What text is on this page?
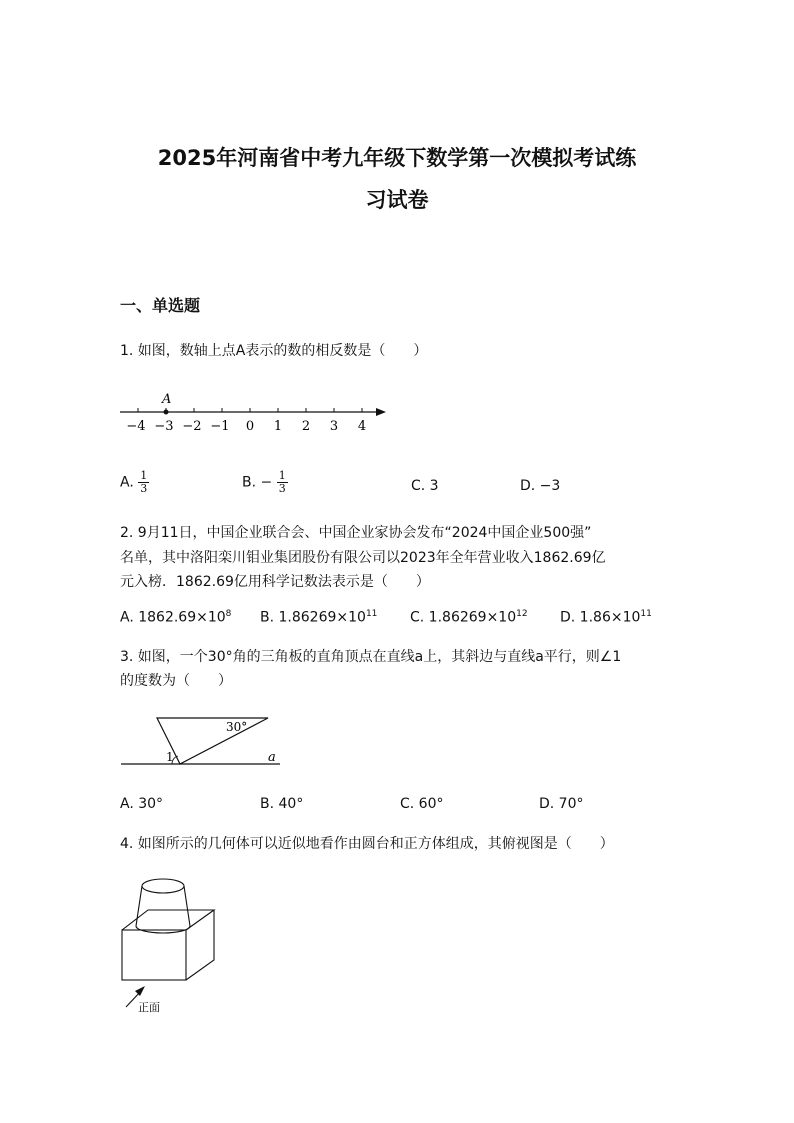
2025年河南省中考九年级下数学第一次模拟考试练
习试卷
一、单选题
1. 如图，数轴上点A表示的数的相反数是（　　）
A
−4 −3 −2 −1 0 1 2 3 4
A. $\frac{1}{3}$	B. − $\frac{1}{3}$	C. 3	D. −3
2. 9月11日，中国企业联合会、中国企业家协会发布“2024中国企业500强”
名单，其中洛阳栾川钼业集团股份有限公司以2023年全年营业收入1862.69亿
元入榜．1862.69亿用科学记数法表示是（　　）
A. $1862.69\times 10^8$ B. $1.86269\times 10^{11}$ C. $1.86269\times 10^{12}$ D. $1.86\times 10^{11}$
3. 如图，一个30°角的三角板的直角顶点在直线a上，其斜边与直线a平行，则∠1
的度数为（　　）
30°
1	a
A. 30°	B. 40°	C. 60°	D. 70°
4. 如图所示的几何体可以近似地看作由圆台和正方体组成，其俯视图是（　　）
正面
